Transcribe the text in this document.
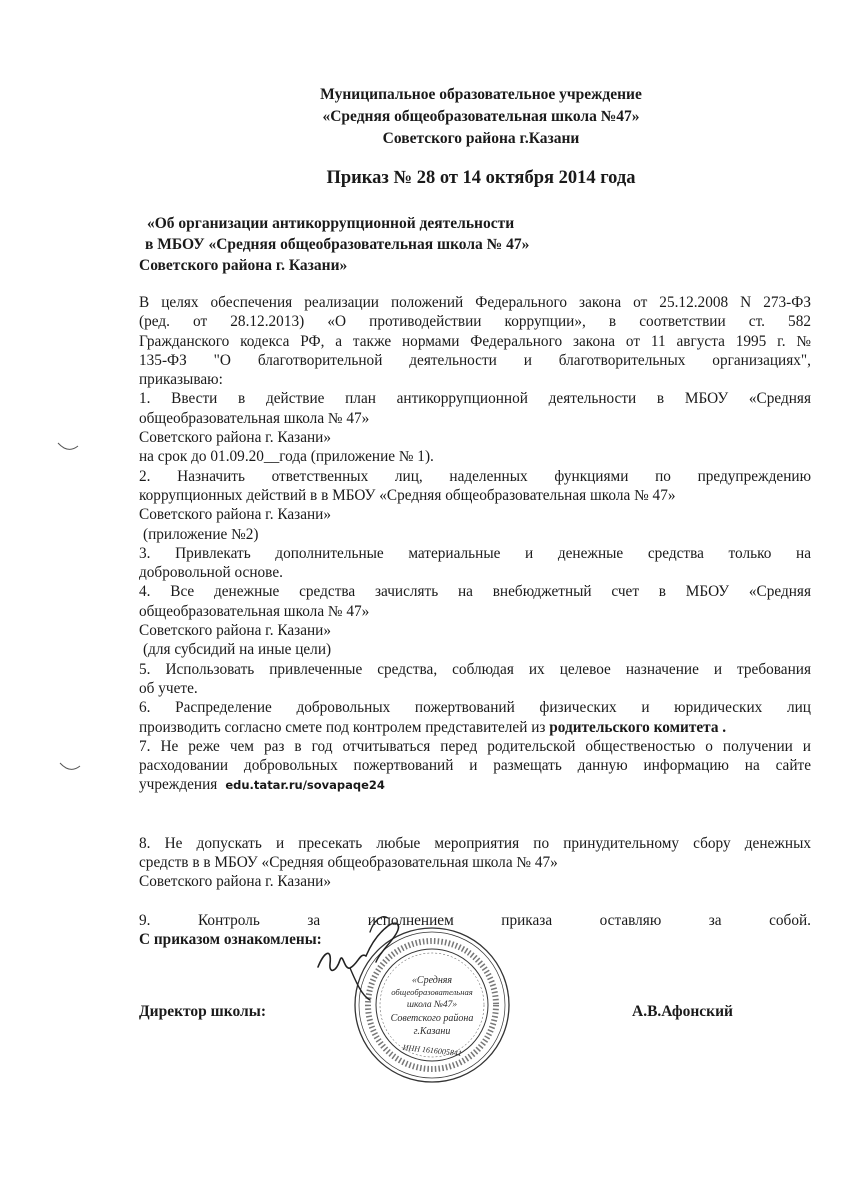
Муниципальное образовательное учреждение
«Средняя общеобразовательная школа №47»
Советского района г.Казани
Приказ № 28 от 14 октября 2014 года
«Об организации антикоррупционной деятельности
в МБОУ «Средняя общеобразовательная школа № 47»
Советского района г. Казани»
В целях обеспечения реализации положений Федерального закона от 25.12.2008 N 273-ФЗ
(ред. от 28.12.2013) «О противодействии коррупции», в соответствии ст. 582
Гражданского кодекса РФ, а также нормами Федерального закона от 11 августа 1995 г. №
135-ФЗ "О благотворительной деятельности и благотворительных организациях",
приказываю:
1. Ввести в действие план антикоррупционной деятельности в МБОУ «Средняя
общеобразовательная школа № 47»
Советского района г. Казани»
на срок до 01.09.20__года (приложение № 1).
2. Назначить ответственных лиц, наделенных функциями по предупреждению
коррупционных действий в в МБОУ «Средняя общеобразовательная школа № 47»
Советского района г. Казани»
(приложение №2)
3. Привлекать дополнительные материальные и денежные средства только на
добровольной основе.
4. Все денежные средства зачислять на внебюджетный счет в МБОУ «Средняя
общеобразовательная школа № 47»
Советского района г. Казани»
(для субсидий на иные цели)
5. Использовать привлеченные средства, соблюдая их целевое назначение и требования
об учете.
6. Распределение добровольных пожертвований физических и юридических лиц
производить согласно смете под контролем представителей из родительского комитета .
7. Не реже чем раз в год отчитываться перед родительской общественостью о получении и
расходовании добровольных пожертвований и размещать данную информацию на сайте
учреждения edu.tatar.ru/sovapaqe24
8. Не допускать и пресекать любые мероприятия по принудительному сбору денежных
средств в в МБОУ «Средняя общеобразовательная школа № 47»
Советского района г. Казани»
9. Контроль за исполнением приказа оставляю за собой.
С приказом ознакомлены:
«Средняя
общеобразовательная
школа №47»
Советского района
г.Казани
ИНН 1616005841
Директор школы:	А.В.Афонский
